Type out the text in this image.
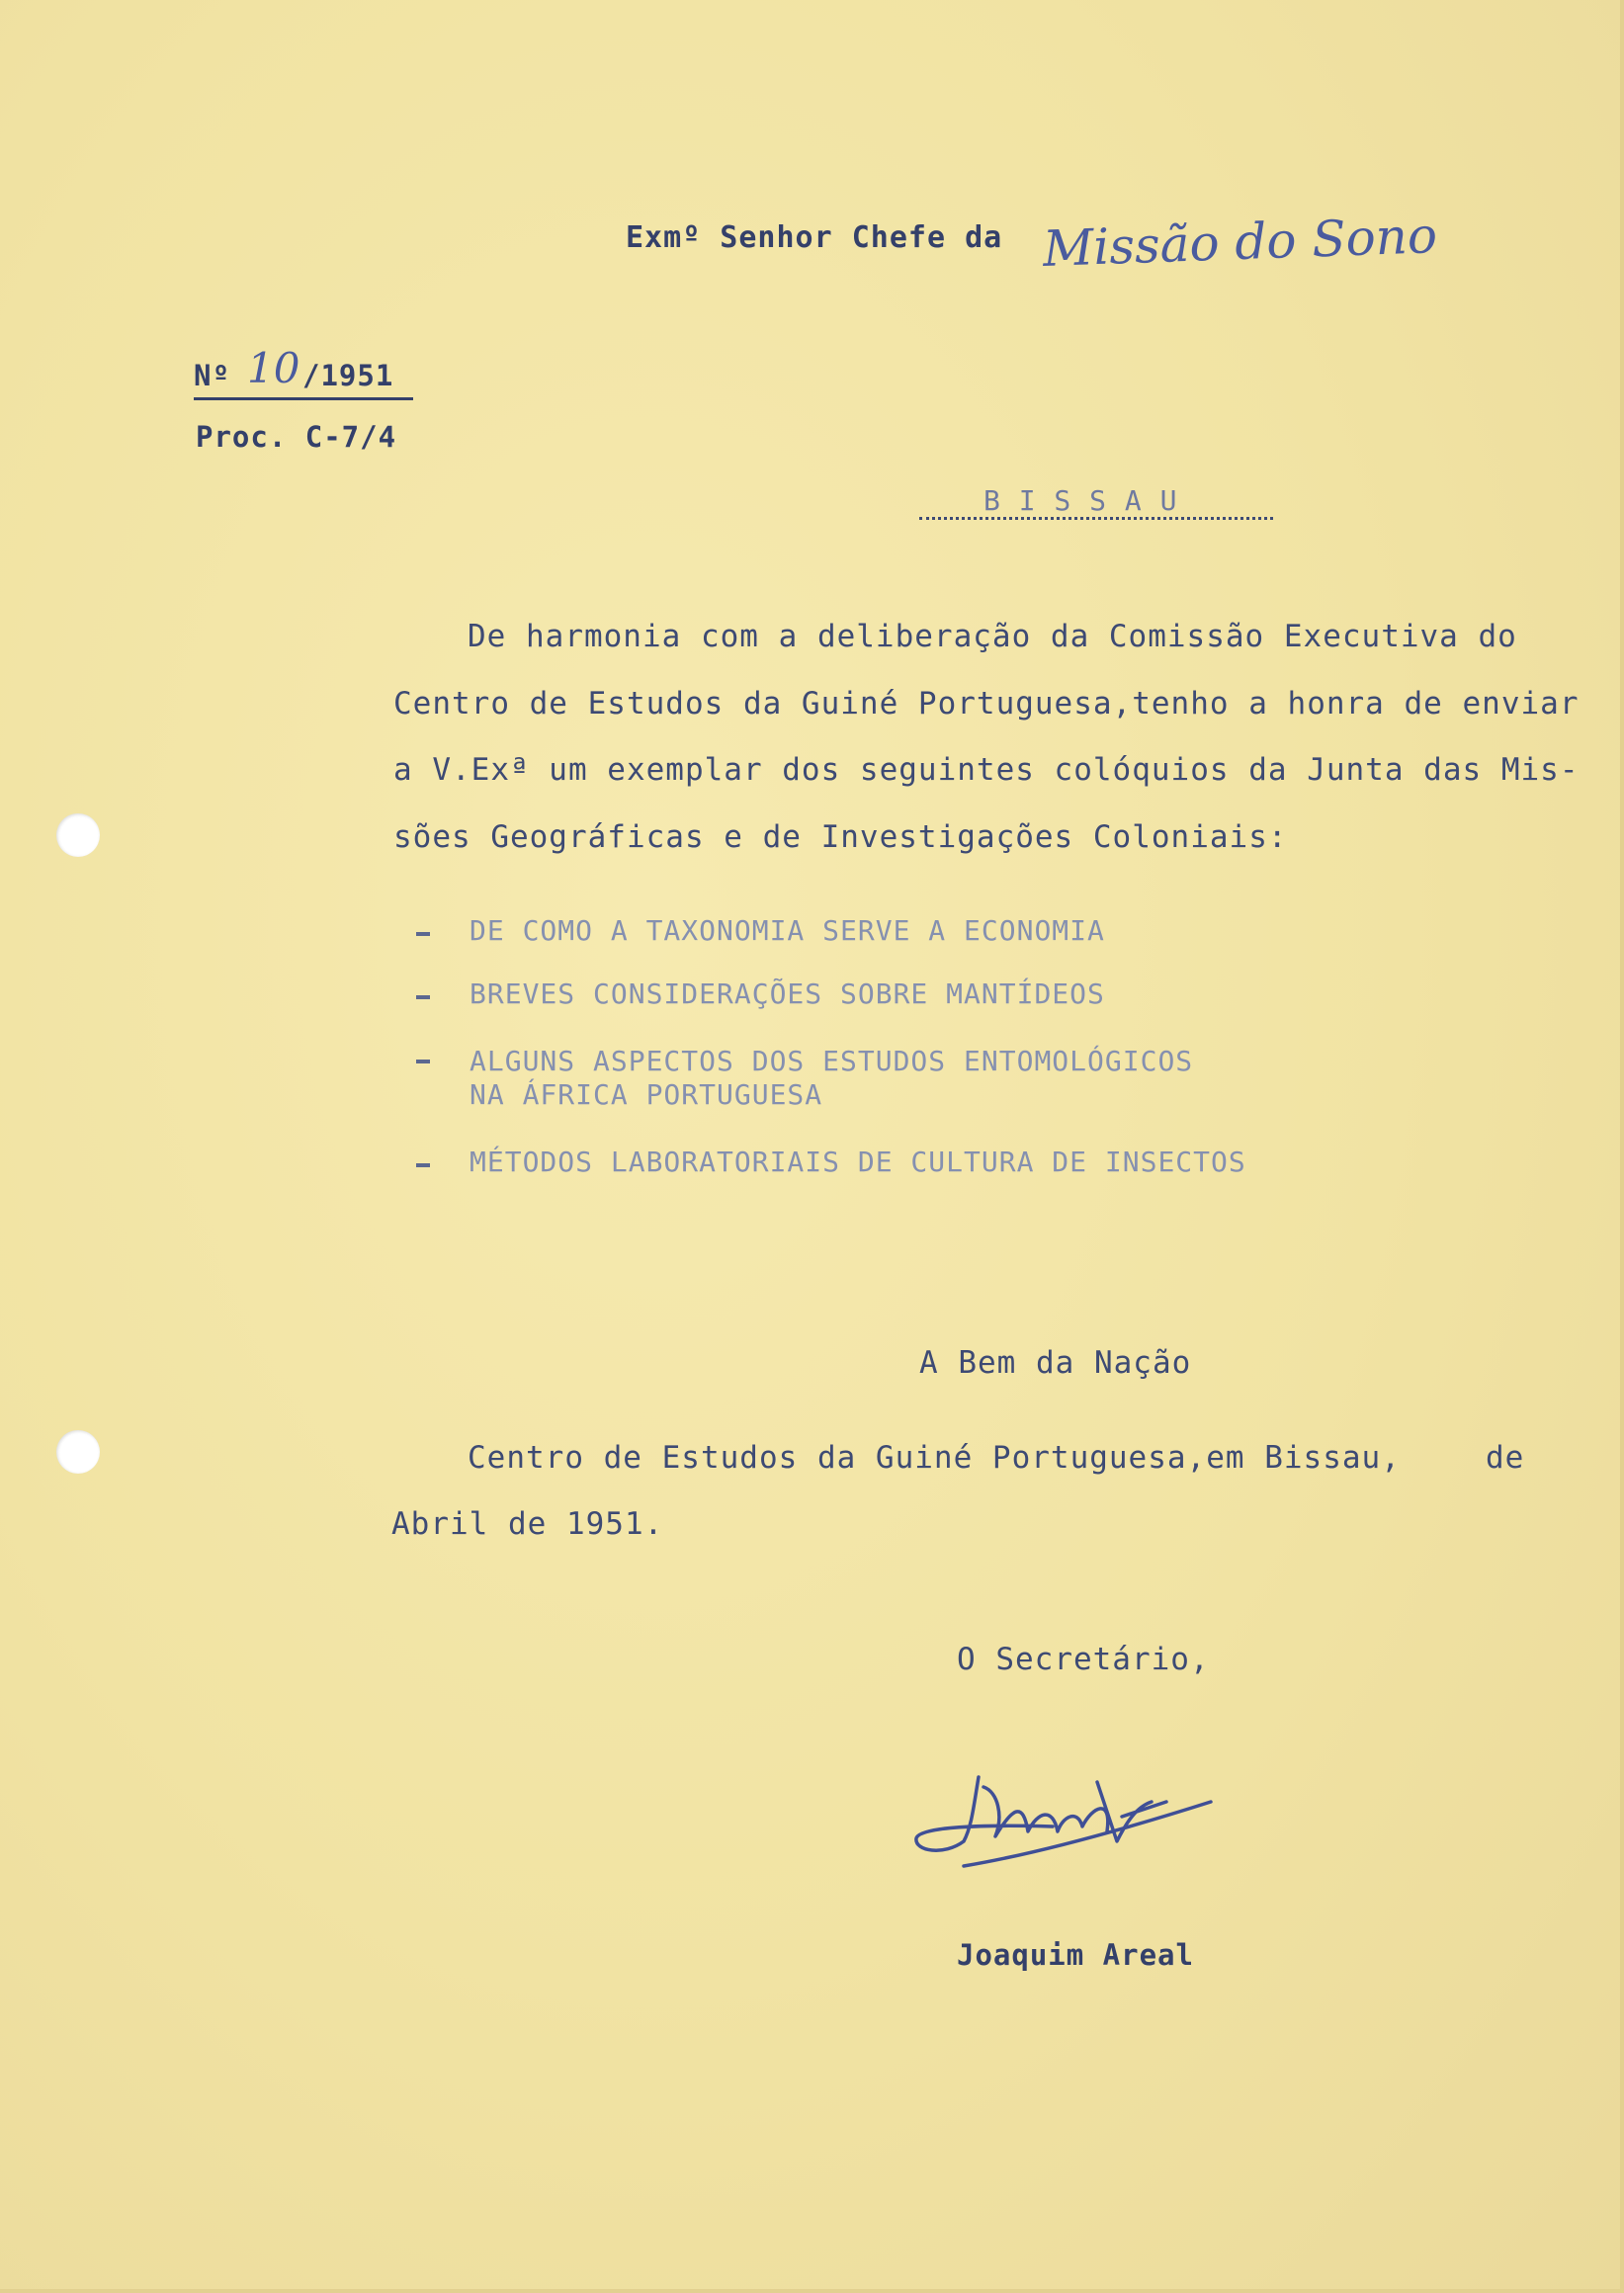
Exmº Senhor Chefe da Missão do Sono
Nº 10 /1951
Proc. C-7/4
B I S S A U
De harmonia com a deliberação da Comissão Executiva do
Centro de Estudos da Guiné Portuguesa,tenho a honra de enviar
a V.Exª um exemplar dos seguintes colóquios da Junta das Mis-
sões Geográficas e de Investigações Coloniais:
DE COMO A TAXONOMIA SERVE A ECONOMIA
BREVES CONSIDERAÇÕES SOBRE MANTÍDEOS
ALGUNS ASPECTOS DOS ESTUDOS ENTOMOLÓGICOS
NA ÁFRICA PORTUGUESA
MÉTODOS LABORATORIAIS DE CULTURA DE INSECTOS
A Bem da Nação
Centro de Estudos da Guiné Portuguesa,em Bissau,	de
Abril de 1951.
O Secretário,
Joaquim Areal
